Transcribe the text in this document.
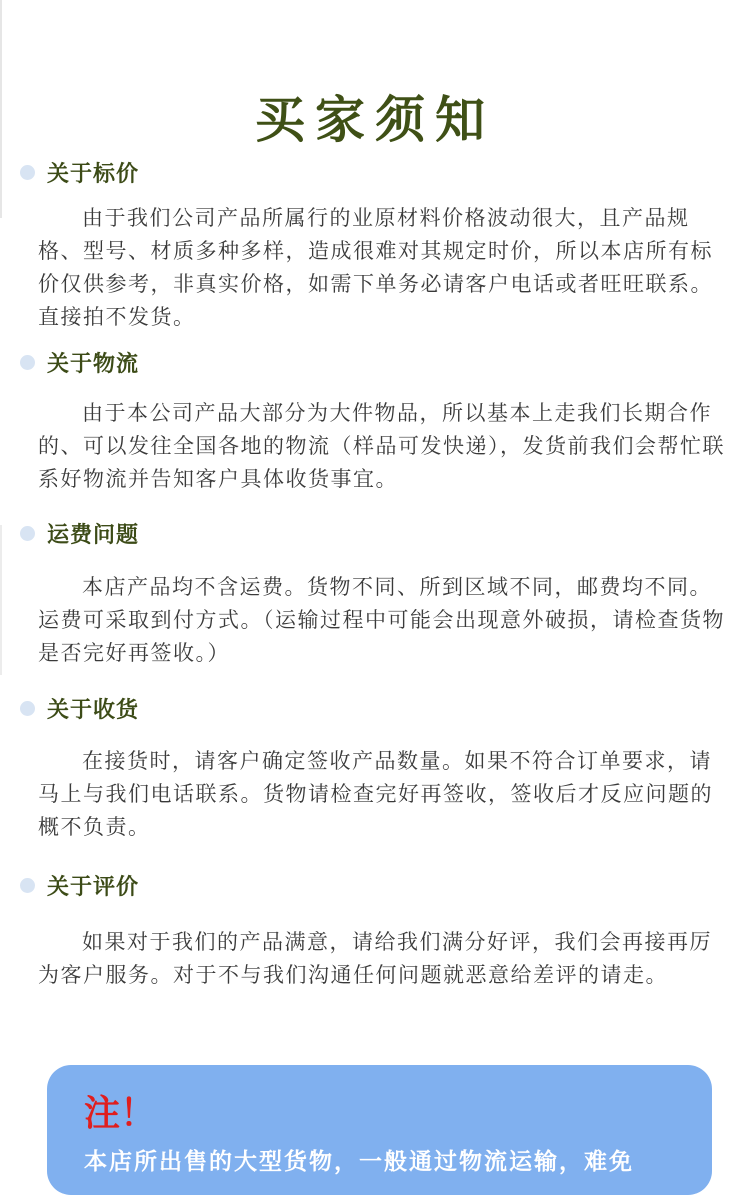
买家须知
关于标价

由于我们公司产品所属行的业原材料价格波动很大，且产品规格、型号、材质多种多样，造成很难对其规定时价，所以本店所有标价仅供参考，非真实价格，如需下单务必请客户电话或者旺旺联系。直接拍不发货。

关于物流

由于本公司产品大部分为大件物品，所以基本上走我们长期合作的、可以发往全国各地的物流（样品可发快递），发货前我们会帮忙联系好物流并告知客户具体收货事宜。

运费问题

本店产品均不含运费。货物不同、所到区域不同，邮费均不同。运费可采取到付方式。（运输过程中可能会出现意外破损，请检查货物是否完好再签收。）

关于收货

在接货时，请客户确定签收产品数量。如果不符合订单要求，请马上与我们电话联系。货物请检查完好再签收，签收后才反应问题的概不负责。

关于评价

如果对于我们的产品满意，请给我们满分好评，我们会再接再厉为客户服务。对于不与我们沟通任何问题就恶意给差评的请走。

注！
本店所出售的大型货物，一般通过物流运输，难免
